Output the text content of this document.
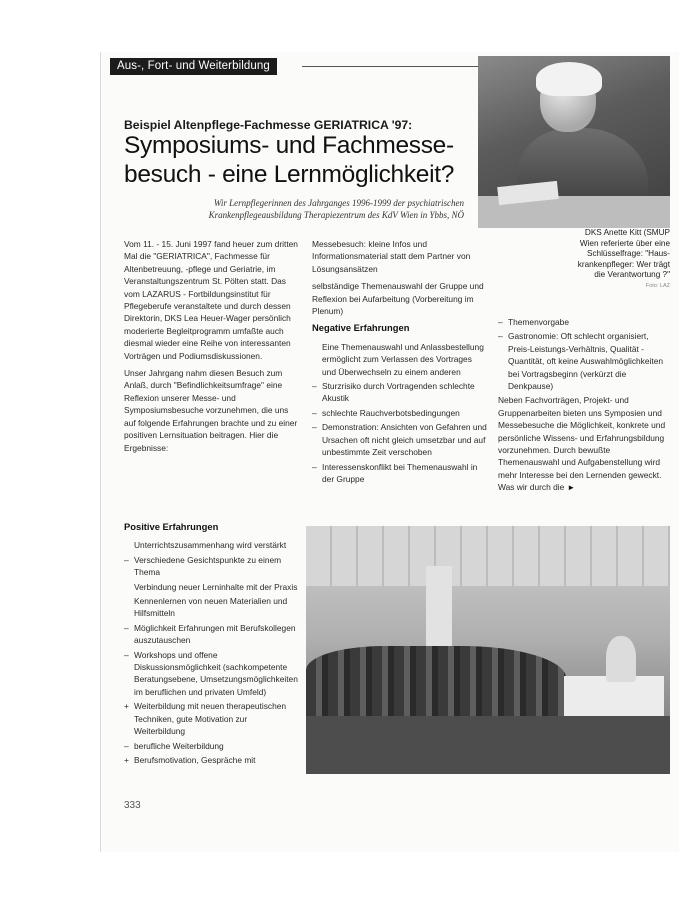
Aus-, Fort- und Weiterbildung
DKS Anette Kitt (SMUP
Wien referierte über eine
Schlüsselfrage: "Haus-
krankenpfleger: Wer trägt
die Verantwortung ?"
Foto: LAZ
Beispiel Altenpflege-Fachmesse GERIATRICA '97:
Symposiums- und Fachmesse-
besuch - eine Lernmöglichkeit?
Wir Lernpflegerinnen des Jahrganges 1996-1999 der psychiatrischen
Krankenpflegeausbildung Therapiezentrum des KdV Wien in Ybbs, NÖ

Vom 11. - 15. Juni 1997 fand heuer zum dritten Mal die "GERIATRICA", Fachmesse für Altenbetreuung, -pflege und Geriatrie, im Veranstaltungszentrum St. Pölten statt. Das vom LAZARUS - Fortbildungsinstitut für Pflegeberufe veranstaltete und durch dessen Direktorin, DKS Lea Heuer-Wager persönlich moderierte Begleitprogramm umfaßte auch diesmal wieder eine Reihe von interessanten Vorträgen und Podiumsdiskussionen.

Unser Jahrgang nahm diesen Besuch zum Anlaß, durch "Befindlichkeitsumfrage" eine Reflexion unserer Messe- und Symposiumsbesuche vorzunehmen, die uns auf folgende Erfahrungen brachte und zu einer positiven Lernsituation beitragen. Hier die Ergebnisse:

Messebesuch: kleine Infos und Informationsmaterial statt dem Partner von Lösungsansätzen

selbständige Themenauswahl der Gruppe und Reflexion bei Aufarbeitung (Vorbereitung im Plenum)

Negative Erfahrungen
Eine Themenauswahl und Anlassbestellung ermöglicht zum Verlassen des Vortrages und Überwechseln zu einem anderen
– Sturzrisiko durch Vortragenden schlechte Akustik
– schlechte Rauchverbotsbedingungen
– Demonstration: Ansichten von Gefahren und Ursachen oft nicht gleich umsetzbar und auf unbestimmte Zeit verschoben
– Interessenskonflikt bei Themenauswahl in der Gruppe
– Themenvorgabe
– Gastronomie: Oft schlecht organisiert, Preis-Leistungs-Verhältnis, Qualität - Quantität, oft keine Auswahlmöglichkeiten bei Vortragsbeginn (verkürzt die Denkpause)

Neben Fachvorträgen, Projekt- und Gruppenarbeiten bieten uns Symposien und Messebesuche die Möglichkeit, konkrete und persönliche Wissens- und Erfahrungsbildung vorzunehmen. Durch bewußte Themenauswahl und Aufgabenstellung wird mehr Interesse bei den Lernenden geweckt. Was wir durch die ►

Positive Erfahrungen
Unterrichtszusammenhang wird verstärkt
– Verschiedene Gesichtspunkte zu einem Thema
Verbindung neuer Lerninhalte mit der Praxis
Kennenlernen von neuen Materialien und Hilfsmitteln
– Möglichkeit Erfahrungen mit Berufskollegen auszutauschen
– Workshops und offene Diskussionsmöglichkeit (sachkompetente Beratungsebene, Umsetzungsmöglichkeiten im beruflichen und privaten Umfeld)
+ Weiterbildung mit neuen therapeutischen Techniken, gute Motivation zur Weiterbildung
– berufliche Weiterbildung
+ Berufsmotivation, Gespräche mit
333
